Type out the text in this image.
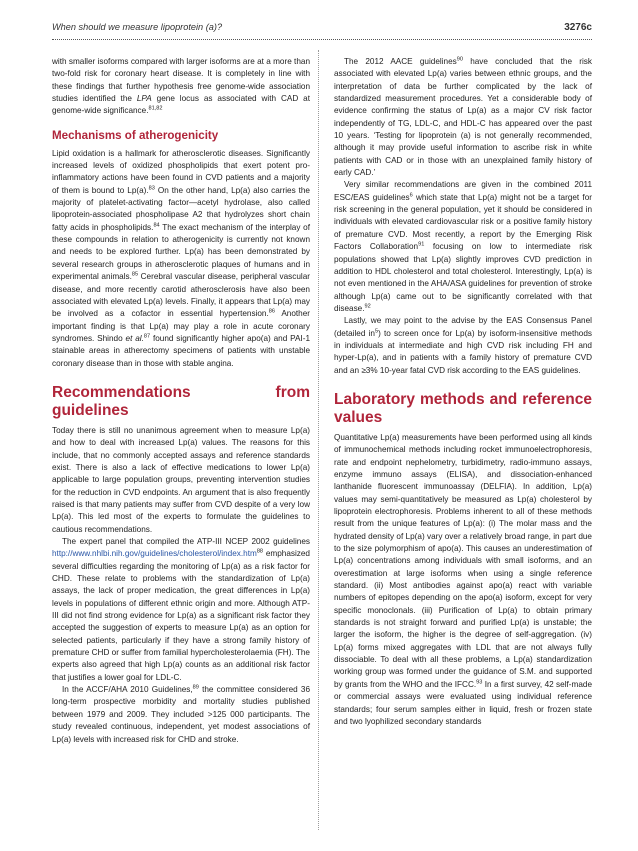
When should we measure lipoprotein (a)?	3276c

with smaller isoforms compared with larger isoforms are at a more than two-fold risk for coronary heart disease. It is completely in line with these findings that further hypothesis free genome-wide association studies identified the LPA gene locus as associated with CAD at genome-wide significance.$^{81,82}$

Mechanisms of atherogenicity

Lipid oxidation is a hallmark for atherosclerotic diseases. Significantly increased levels of oxidized phospholipids that exert potent pro-inflammatory actions have been found in CVD patients and a majority of them is bound to Lp(a).$^{83}$ On the other hand, Lp(a) also carries the majority of platelet-activating factor—acetyl hydrolase, also called lipoprotein-associated phospholipase A2 that hydrolyzes short chain fatty acids in phospholipids.$^{84}$ The exact mechanism of the interplay of these compounds in relation to atherogenicity is currently not known and needs to be explored further. Lp(a) has been demonstrated by several research groups in atherosclerotic plaques of humans and in experimental animals.$^{85}$ Cerebral vascular disease, peripheral vascular disease, and more recently carotid atherosclerosis have also been associated with elevated Lp(a) levels. Finally, it appears that Lp(a) may be involved as a cofactor in essential hypertension.$^{86}$ Another important finding is that Lp(a) may play a role in acute coronary syndromes. Shindo et al.$^{87}$ found significantly higher apo(a) and PAI-1 stainable areas in atherectomy specimens of patients with unstable coronary disease than in those with stable angina.

Recommendations from guidelines

Today there is still no unanimous agreement when to measure Lp(a) and how to deal with increased Lp(a) values. The reasons for this include, that no commonly accepted assays and reference standards exist. There is also a lack of effective medications to lower Lp(a) applicable to large population groups, preventing intervention studies for the reduction in CVD endpoints. An argument that is also frequently raised is that many patients may suffer from CVD despite of a very low Lp(a). This led most of the experts to formulate the guidelines to cautious recommendations.

The expert panel that compiled the ATP-III NCEP 2002 guidelines http://www.nhlbi.nih.gov/guidelines/cholesterol/index.htm$^{88}$ emphasized several difficulties regarding the monitoring of Lp(a) as a risk factor for CHD. These relate to problems with the standardization of Lp(a) assays, the lack of proper medication, the great differences in Lp(a) levels in populations of different ethnic origin and more. Although ATP-III did not find strong evidence for Lp(a) as a significant risk factor they accepted the suggestion of experts to measure Lp(a) as an option for selected patients, particularly if they have a strong family history of premature CHD or suffer from familial hypercholesterolaemia (FH). The experts also agreed that high Lp(a) counts as an additional risk factor that justifies a lower goal for LDL-C.

In the ACCF/AHA 2010 Guidelines,$^{89}$ the committee considered 36 long-term prospective morbidity and mortality studies published between 1979 and 2009. They included >125 000 participants. The study revealed continuous, independent, yet modest associations of Lp(a) levels with increased risk for CHD and stroke.

The 2012 AACE guidelines$^{90}$ have concluded that the risk associated with elevated Lp(a) varies between ethnic groups, and the interpretation of data be further complicated by the lack of standardized measurement procedures. Yet a considerable body of evidence confirming the status of Lp(a) as a major CV risk factor independently of TG, LDL-C, and HDL-C has appeared over the past 10 years. ‘Testing for lipoprotein (a) is not generally recommended, although it may provide useful information to ascribe risk in white patients with CAD or in those with an unexplained family history of early CAD.’

Very similar recommendations are given in the combined 2011 ESC/EAS guidelines$^6$ which state that Lp(a) might not be a target for risk screening in the general population, yet it should be considered in individuals with elevated cardiovascular risk or a positive family history of premature CVD. Most recently, a report by the Emerging Risk Factors Collaboration$^{91}$ focusing on low to intermediate risk populations showed that Lp(a) slightly improves CVD prediction in addition to HDL cholesterol and total cholesterol. Interestingly, Lp(a) is not even mentioned in the AHA/ASA guidelines for prevention of stroke although Lp(a) came out to be significantly correlated with that disease.$^{92}$

Lastly, we may point to the advise by the EAS Consensus Panel (detailed $in^5$) to screen once for Lp(a) by isoform-insensitive methods in individuals at intermediate and high CVD risk including FH and hyper-Lp(a), and in patients with a family history of premature CVD and an ≥3% 10-year fatal CVD risk according to the EAS guidelines.

Laboratory methods and reference values

Quantitative Lp(a) measurements have been performed using all kinds of immunochemical methods including rocket immunoelectrophoresis, rate and endpoint nephelometry, turbidimetry, radio-immuno assays, enzyme immuno assays (ELISA), and dissociation-enhanced lanthanide fluorescent immunoassay (DELFIA). In addition, Lp(a) values may semi-quantitatively be measured as Lp(a) cholesterol by lipoprotein electrophoresis. Problems inherent to all of these methods result from the unique features of Lp(a): (i) The molar mass and the hydrated density of Lp(a) vary over a relatively broad range, in part due to the size polymorphism of apo(a). This causes an underestimation of Lp(a) concentrations among individuals with small isoforms, and an overestimation at large isoforms when using a single reference standard. (ii) Most antibodies against apo(a) react with variable numbers of epitopes depending on the apo(a) isoform, except for very specific monoclonals. (iii) Purification of Lp(a) to obtain primary standards is not straight forward and purified Lp(a) is unstable; the larger the isoform, the higher is the degree of self-aggregation. (iv) Lp(a) forms mixed aggregates with LDL that are not always fully dissociable. To deal with all these problems, a Lp(a) standardization working group was formed under the guidance of S.M. and supported by grants from the WHO and the IFCC.$^{93}$ In a first survey, 42 self-made or commercial assays were evaluated using individual reference standards; four serum samples either in liquid, fresh or frozen state and two lyophilized secondary standards
